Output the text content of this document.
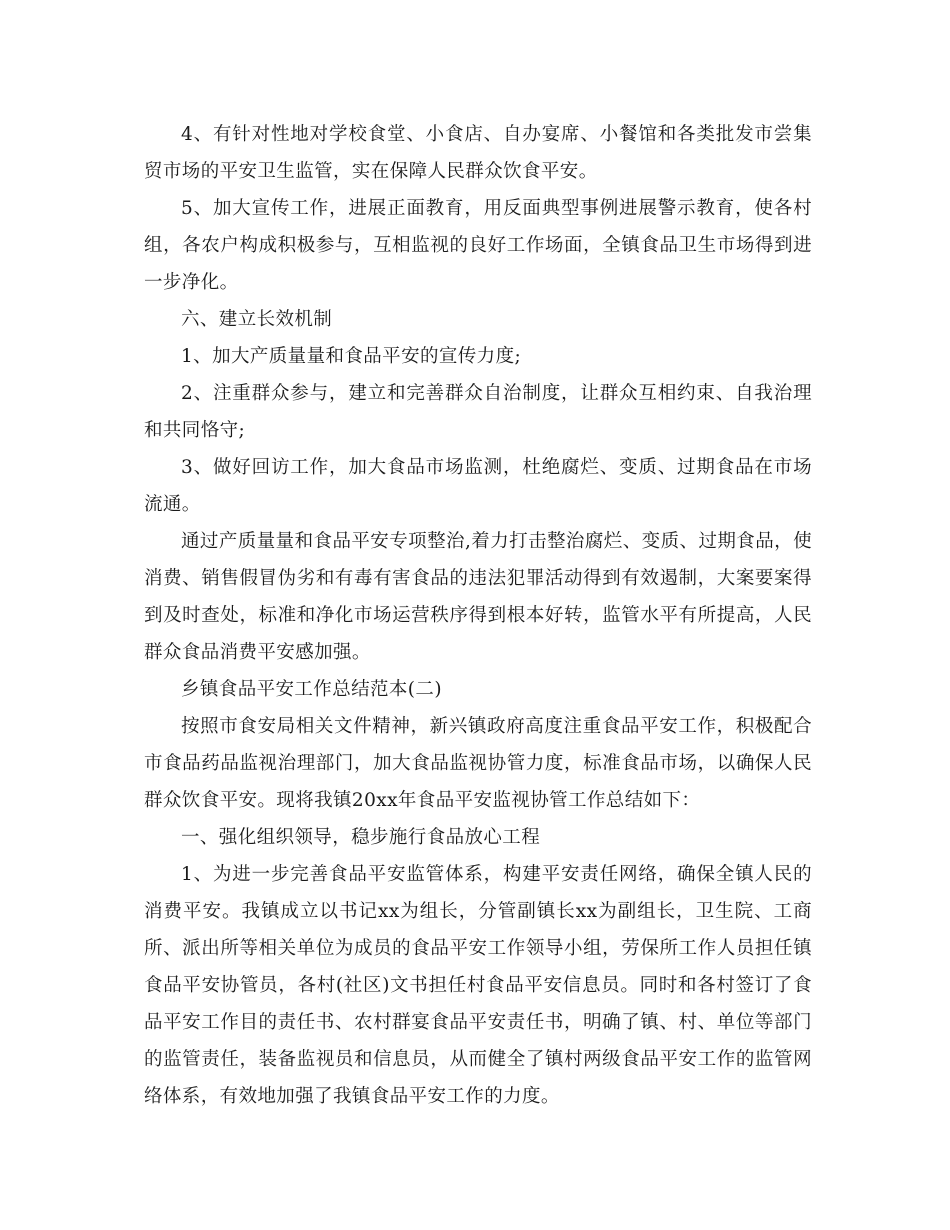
4、有针对性地对学校食堂、小食店、自办宴席、小餐馆和各类批发市尝集贸市场的平安卫生监管，实在保障人民群众饮食平安。

5、加大宣传工作，进展正面教育，用反面典型事例进展警示教育，使各村组，各农户构成积极参与，互相监视的良好工作场面，全镇食品卫生市场得到进一步净化。

六、建立长效机制

1、加大产质量量和食品平安的宣传力度;

2、注重群众参与，建立和完善群众自治制度，让群众互相约束、自我治理和共同恪守;

3、做好回访工作，加大食品市场监测，杜绝腐烂、变质、过期食品在市场流通。

通过产质量量和食品平安专项整治,着力打击整治腐烂、变质、过期食品，使消费、销售假冒伪劣和有毒有害食品的违法犯罪活动得到有效遏制，大案要案得到及时查处，标准和净化市场运营秩序得到根本好转，监管水平有所提高，人民群众食品消费平安感加强。

乡镇食品平安工作总结范本(二)

按照市食安局相关文件精神，新兴镇政府高度注重食品平安工作，积极配合市食品药品监视治理部门，加大食品监视协管力度，标准食品市场，以确保人民群众饮食平安。现将我镇20xx年食品平安监视协管工作总结如下：

一、强化组织领导，稳步施行食品放心工程

1、为进一步完善食品平安监管体系，构建平安责任网络，确保全镇人民的消费平安。我镇成立以书记xx为组长，分管副镇长xx为副组长，卫生院、工商所、派出所等相关单位为成员的食品平安工作领导小组，劳保所工作人员担任镇食品平安协管员，各村(社区)文书担任村食品平安信息员。同时和各村签订了食品平安工作目的责任书、农村群宴食品平安责任书，明确了镇、村、单位等部门的监管责任，装备监视员和信息员，从而健全了镇村两级食品平安工作的监管网络体系，有效地加强了我镇食品平安工作的力度。
